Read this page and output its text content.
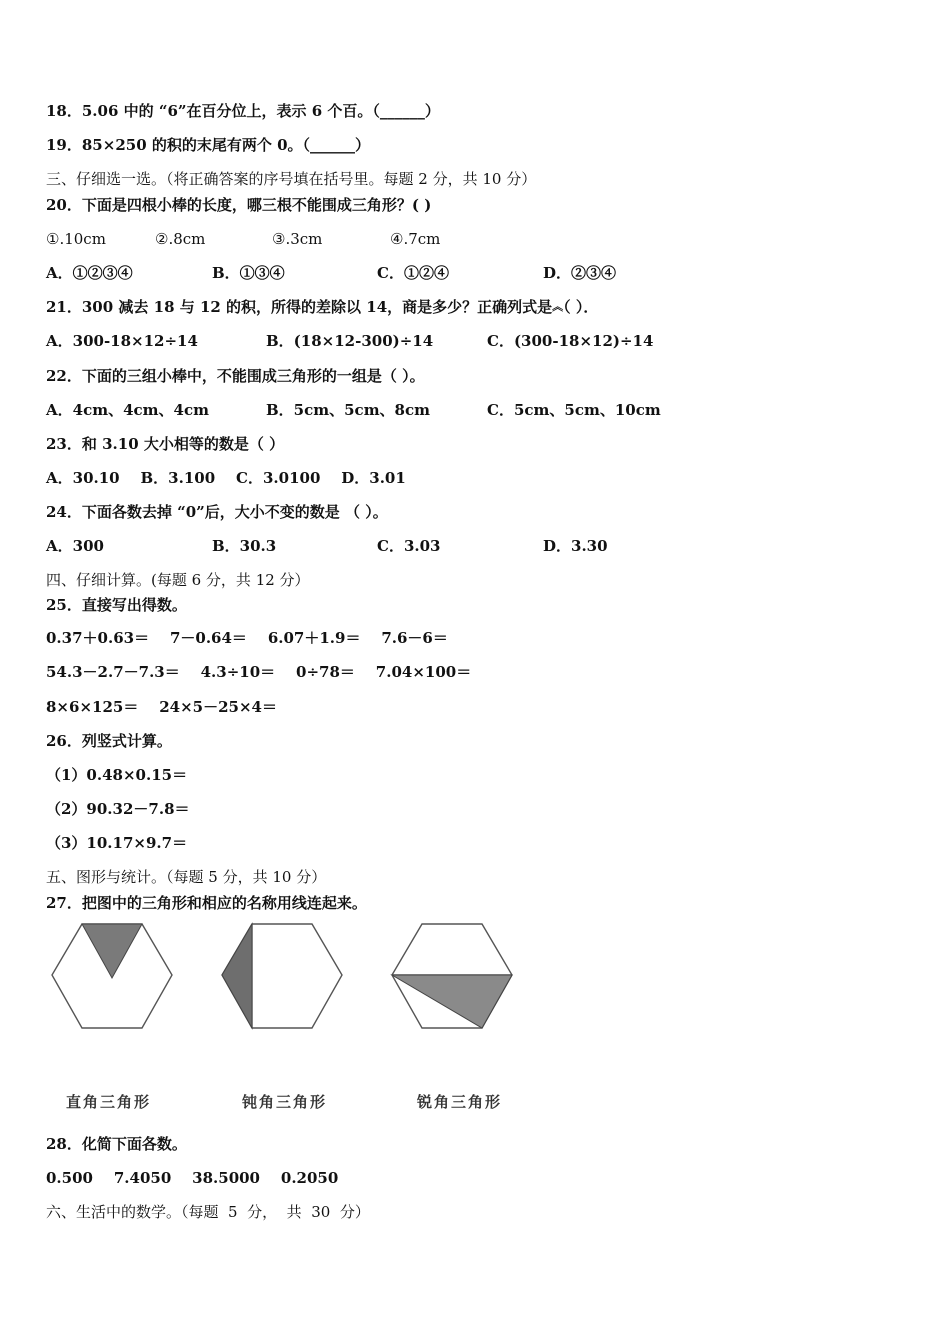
18．5.06 中的 “6”在百分位上，表示 6 个百。（______）
19．85×250 的积的末尾有两个 0。（______）
三、仔细选一选。（将正确答案的序号填在括号里。每题 2 分，共 10 分）
20．下面是四根小棒的长度，哪三根不能围成三角形？( )
①.10cm	②.8cm	③.3cm	④.7cm
A．①②③④	B．①③④	C．①②④	D．②③④
21．300 减去 18 与 12 的积，所得的差除以 14，商是多少？正确列式是︽（ ）．
A．300-18×12÷14	B．(18×12-300)÷14	C．(300-18×12)÷14
22．下面的三组小棒中，不能围成三角形的一组是（ ）。
A．4cm、4cm、4cm	B．5cm、5cm、8cm	C．5cm、5cm、10cm
23．和 3.10 大小相等的数是（ ）
A．30.10    B．3.100    C．3.0100    D．3.01
24．下面各数去掉 “0”后，大小不变的数是 （ ）。
A．300	B．30.3	C．3.03	D．3.30
四、仔细计算。(每题 6 分，共 12 分）
25．直接写出得数。
0.37＋0.63＝    7－0.64＝    6.07＋1.9＝    7.6－6＝
54.3－2.7－7.3＝    4.3÷10＝    0÷78＝    7.04×100＝
8×6×125＝    24×5－25×4＝
26．列竖式计算。
（1）0.48×0.15＝
（2）90.32－7.8＝
（3）10.17×9.7＝
五、图形与统计。（每题 5 分，共 10 分）
27．把图中的三角形和相应的名称用线连起来。
直角三角形	钝角三角形	锐角三角形
28．化简下面各数。
0.500    7.4050    38.5000    0.2050
六、生活中的数学。（每题  5  分，  共  30  分）
